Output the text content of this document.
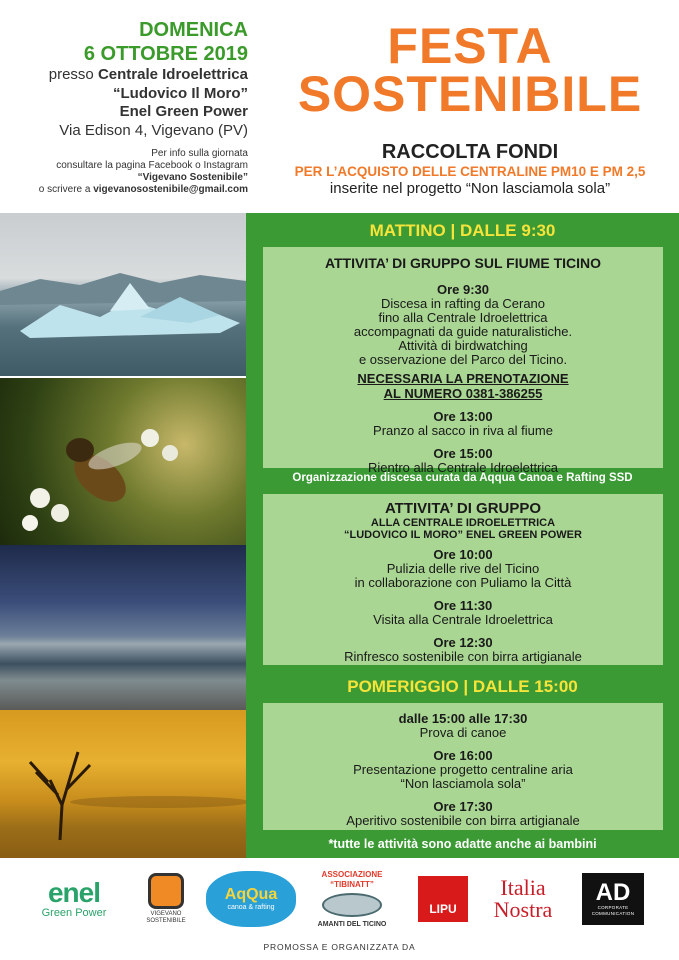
DOMENICA
6 OTTOBRE 2019
presso Centrale Idroelettrica
“Ludovico Il Moro”
Enel Green Power
Via Edison 4, Vigevano (PV)
Per info sulla giornata
consultare la pagina Facebook o Instagram
“Vigevano Sostenibile”
o scrivere a vigevanosostenibile@gmail.com
FESTA
SOSTENIBILE
RACCOLTA FONDI
PER L’ACQUISTO DELLE CENTRALINE PM10 E PM 2,5
inserite nel progetto “Non lasciamola sola”
MATTINO | DALLE 9:30
ATTIVITA’ DI GRUPPO SUL FIUME TICINO
Ore 9:30
Discesa in rafting da Cerano
fino alla Centrale Idroelettrica
accompagnati da guide naturalistiche.
Attività di birdwatching
e osservazione del Parco del Ticino.
NECESSARIA LA PRENOTAZIONE
AL NUMERO 0381-386255
Ore 13:00
Pranzo al sacco in riva al fiume
Ore 15:00
Rientro alla Centrale Idroelettrica
Organizzazione discesa curata da Aqqua Canoa e Rafting SSD
ATTIVITA’ DI GRUPPO
ALLA CENTRALE IDROELETTRICA
“LUDOVICO IL MORO” ENEL GREEN POWER
Ore 10:00
Pulizia delle rive del Ticino
in collaborazione con Puliamo la Città
Ore 11:30
Visita alla Centrale Idroelettrica
Ore 12:30
Rinfresco sostenibile con birra artigianale
POMERIGGIO | DALLE 15:00
dalle 15:00 alle 17:30
Prova di canoe
Ore 16:00
Presentazione progetto centraline aria
“Non lasciamola sola”
Ore 17:30
Aperitivo sostenibile con birra artigianale
*tutte le attività sono adatte anche ai bambini
enel
Green Power	VIGEVANO SOSTENIBILE
AqQua
canoa & rafting
ASSOCIAZIONE “TIBINATT”
AMANTI DEL TICINO
LIPU
Italia
Nostra
AD
CORPORATE COMMUNICATION
PROMOSSA E ORGANIZZATA DA
